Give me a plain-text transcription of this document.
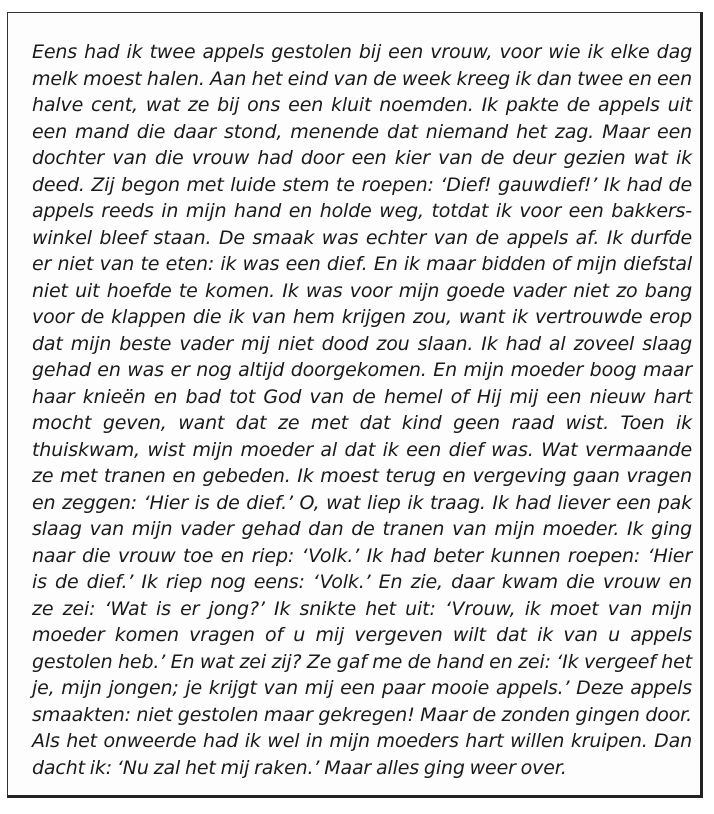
Eens had ik twee appels gestolen bij een vrouw, voor wie ik elke dag
melk moest halen. Aan het eind van de week kreeg ik dan twee en een
halve cent, wat ze bij ons een kluit noemden. Ik pakte de appels uit
een mand die daar stond, menende dat niemand het zag. Maar een
dochter van die vrouw had door een kier van de deur gezien wat ik
deed. Zij begon met luide stem te roepen: ‘Dief! gauwdief!’ Ik had de
appels reeds in mijn hand en holde weg, totdat ik voor een bakkers-
winkel bleef staan. De smaak was echter van de appels af. Ik durfde
er niet van te eten: ik was een dief. En ik maar bidden of mijn diefstal
niet uit hoefde te komen. Ik was voor mijn goede vader niet zo bang
voor de klappen die ik van hem krijgen zou, want ik vertrouwde erop
dat mijn beste vader mij niet dood zou slaan. Ik had al zoveel slaag
gehad en was er nog altijd doorgekomen. En mijn moeder boog maar
haar knieën en bad tot God van de hemel of Hij mij een nieuw hart
mocht geven, want dat ze met dat kind geen raad wist. Toen ik
thuiskwam, wist mijn moeder al dat ik een dief was. Wat vermaande
ze met tranen en gebeden. Ik moest terug en vergeving gaan vragen
en zeggen: ‘Hier is de dief.’ O, wat liep ik traag. Ik had liever een pak
slaag van mijn vader gehad dan de tranen van mijn moeder. Ik ging
naar die vrouw toe en riep: ‘Volk.’ Ik had beter kunnen roepen: ‘Hier
is de dief.’ Ik riep nog eens: ‘Volk.’ En zie, daar kwam die vrouw en
ze zei: ‘Wat is er jong?’ Ik snikte het uit: ‘Vrouw, ik moet van mijn
moeder komen vragen of u mij vergeven wilt dat ik van u appels
gestolen heb.’ En wat zei zij? Ze gaf me de hand en zei: ‘Ik vergeef het
je, mijn jongen; je krijgt van mij een paar mooie appels.’ Deze appels
smaakten: niet gestolen maar gekregen! Maar de zonden gingen door.
Als het onweerde had ik wel in mijn moeders hart willen kruipen. Dan
dacht ik: ‘Nu zal het mij raken.’ Maar alles ging weer over.
